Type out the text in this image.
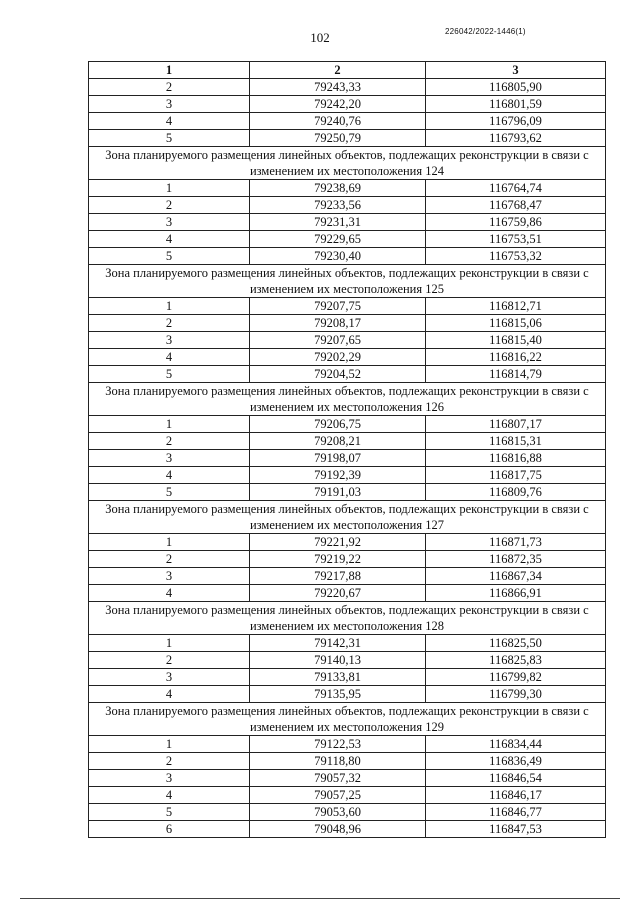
102	226042/2022-1446(1)
1	2	3
2	79243,33	116805,90
3	79242,20	116801,59
4	79240,76	116796,09
5	79250,79	116793,62
Зона планируемого размещения линейных объектов, подлежащих реконструкции в связи с изменением их местоположения 124		
1	79238,69	116764,74
2	79233,56	116768,47
3	79231,31	116759,86
4	79229,65	116753,51
5	79230,40	116753,32
Зона планируемого размещения линейных объектов, подлежащих реконструкции в связи с изменением их местоположения 125		
1	79207,75	116812,71
2	79208,17	116815,06
3	79207,65	116815,40
4	79202,29	116816,22
5	79204,52	116814,79
Зона планируемого размещения линейных объектов, подлежащих реконструкции в связи с изменением их местоположения 126		
1	79206,75	116807,17
2	79208,21	116815,31
3	79198,07	116816,88
4	79192,39	116817,75
5	79191,03	116809,76
Зона планируемого размещения линейных объектов, подлежащих реконструкции в связи с изменением их местоположения 127		
1	79221,92	116871,73
2	79219,22	116872,35
3	79217,88	116867,34
4	79220,67	116866,91
Зона планируемого размещения линейных объектов, подлежащих реконструкции в связи с изменением их местоположения 128		
1	79142,31	116825,50
2	79140,13	116825,83
3	79133,81	116799,82
4	79135,95	116799,30
Зона планируемого размещения линейных объектов, подлежащих реконструкции в связи с изменением их местоположения 129		
1	79122,53	116834,44
2	79118,80	116836,49
3	79057,32	116846,54
4	79057,25	116846,17
5	79053,60	116846,77
6	79048,96	116847,53
